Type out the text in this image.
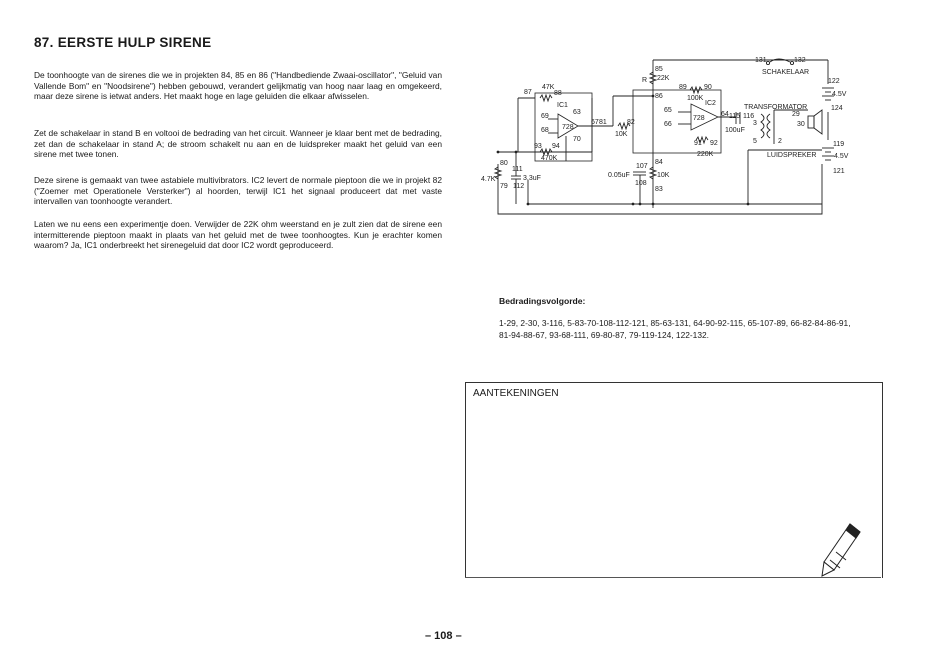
87. EERSTE HULP SIRENE
De toonhoogte van de sirenes die we in projekten 84, 85 en 86 ("Handbediende Zwaai-oscillator", "Geluid van Vallende Bom" en "Noodsirene") hebben gebouwd, verandert gelijkmatig van hoog naar laag en omgekeerd, maar deze sirene is ietwat anders. Het maakt hoge en lage geluiden die elkaar afwisselen.
Zet de schakelaar in stand B en voltooi de bedrading van het circuit. Wanneer je klaar bent met de bedrading, zet dan de schakelaar in stand A; de stroom schakelt nu aan en de luidspreker maakt het geluid van een sirene met twee tonen.
Deze sirene is gemaakt van twee astabiele multivibrators. IC2 levert de normale pieptoon die we in projekt 82 ("Zoemer met Operationele Versterker") al hoorden, terwijl IC1 het signaal produceert dat met vaste intervallen van toonhoogte verandert.
Laten we nu eens een experimentje doen. Verwijder de 22K ohm weerstand en je zult zien dat de sirene een intermitterende pieptoon maakt in plaats van het geluid met de twee toonhoogtes. Kun je erachter komen waarom? Ja, IC1 onderbreekt het sirenegeluid dat door IC2 wordt geproduceerd.
47K
87	88
IC1
63
69
728
68
67
70
93 94
470K
80
111
4.7K	3.3uF
79 112
81	82
10K
85
R 22K
89 90
100K
86
IC2
65
728
66
64 115 116
100uF
91 92
220K
107
0.05uF	10K
108
84
83
131	132
SCHAKELAAR
122
4.5V
124
TRANSFORMATOR
29
3	30
5	2
LUIDSPREKER
119
4.5V
121
Bedradingsvolgorde:
1-29, 2-30, 3-116, 5-83-70-108-112-121, 85-63-131, 64-90-92-115, 65-107-89, 66-82-84-86-91, 81-94-88-67, 93-68-111, 69-80-87, 79-119-124, 122-132.
AANTEKENINGEN
– 108 –
